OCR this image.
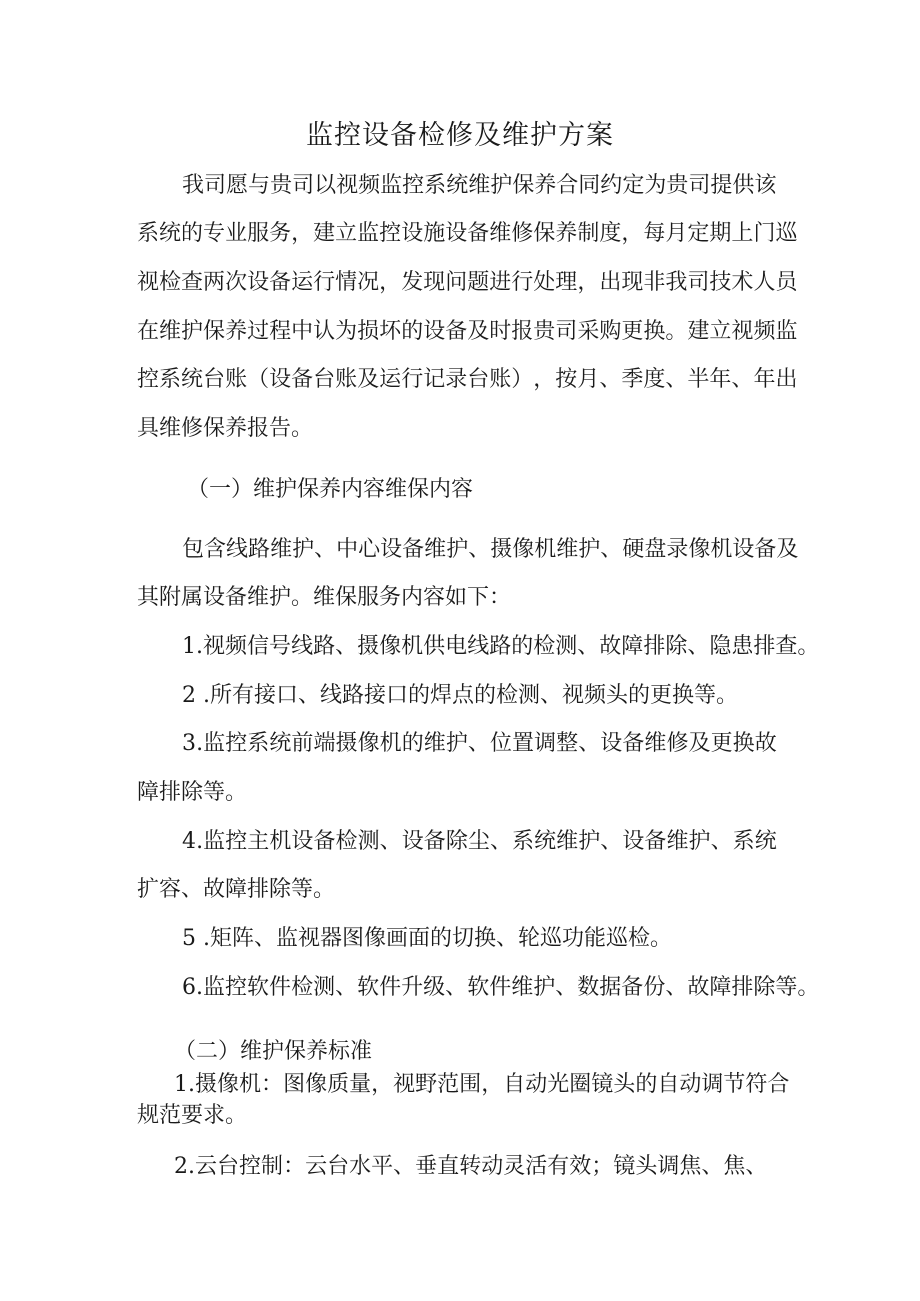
监控设备检修及维护方案
我 司 愿 与 贵 司 以 视 频 监 控 系 统 维 护 保 养 合 同 约 定 为 贵 司 提 供 该
系 统 的 专 业 服 务 ， 建 立 监 控 设 施 设 备 维 修 保 养 制 度 ， 每 月 定 期 上 门 巡
视 检 查 两 次 设 备 运 行 情 况 ， 发 现 问 题 进 行 处 理 ， 出 现 非 我 司 技 术 人 员
在 维 护 保 养 过 程 中 认 为 损 坏 的 设 备 及 时 报 贵 司 采 购 更 换 。 建 立 视 频 监
控 系 统 台 账 （ 设 备 台 账 及 运 行 记 录 台 账 ） ， 按 月 、 季 度 、 半 年 、 年 出
具维修保养报告。
（一）维护保养内容维保内容
包 含 线 路 维 护 、 中 心 设 备 维 护 、 摄 像 机 维 护 、 硬 盘 录 像 机 设 备 及
其附属设备维护。维保服务内容如下：
1 . 视 频 信 号 线 路 、 摄 像 机 供 电 线 路 的 检 测 、 故 障 排 除 、 隐 患 排 查 。
2 .所有接口、线路接口的焊点的检测、视频头的更换等。
3 . 监 控 系 统 前 端 摄 像 机 的 维 护 、 位 置 调 整 、 设 备 维 修 及 更 换 故
障排除等。
4 . 监 控 主 机 设 备 检 测 、 设 备 除 尘 、 系 统 维 护 、 设 备 维 护 、 系 统
扩容、故障排除等。
5 .矩阵、监视器图像画面的切换、轮巡功能巡检。
6 . 监 控 软 件 检 测 、 软 件 升 级 、 软 件 维 护 、 数 据 备 份 、 故 障 排 除 等 。
（二）维护保养标准
1 . 摄 像 机 ： 图 像 质 量 ， 视 野 范 围 ， 自 动 光 圈 镜 头 的 自 动 调 节 符 合
规范要求。
2 . 云 台 控 制 ： 云 台 水 平 、 垂 直 转 动 灵 活 有 效 ； 镜 头 调 焦 、 焦 、
